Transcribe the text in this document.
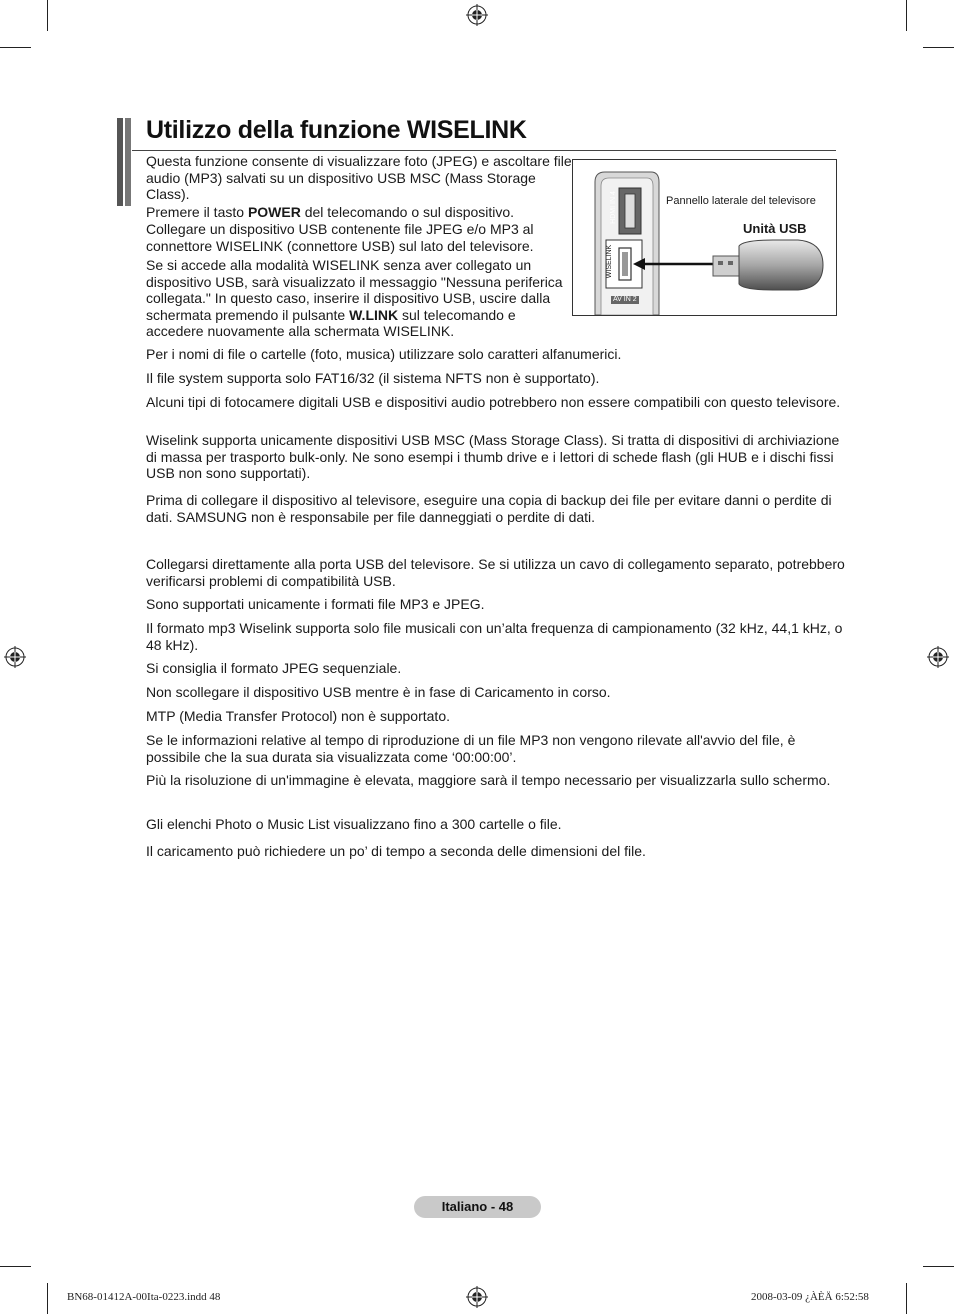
Utilizzo della funzione WISELINK

Questa funzione consente di visualizzare foto (JPEG) e ascoltare file audio (MP3) salvati su un dispositivo USB MSC (Mass Storage Class).

Premere il tasto POWER del telecomando o sul dispositivo.

Collegare un dispositivo USB contenente file JPEG e/o MP3 al connettore WISELINK (connettore USB) sul lato del televisore.

Se si accede alla modalità WISELINK senza aver collegato un dispositivo USB, sarà visualizzato il messaggio "Nessuna periferica collegata." In questo caso, inserire il dispositivo USB, uscire dalla schermata premendo il pulsante W.LINK sul telecomando e accedere nuovamente alla schermata WISELINK.

HDMI IN 4
WISELINK
AV IN 2
Pannello laterale del televisore
Unità USB

Per i nomi di file o cartelle (foto, musica) utilizzare solo caratteri alfanumerici.

Il file system supporta solo FAT16/32 (il sistema NFTS non è supportato).

Alcuni tipi di fotocamere digitali USB e dispositivi audio potrebbero non essere compatibili con questo televisore.

Wiselink supporta unicamente dispositivi USB MSC (Mass Storage Class). Si tratta di dispositivi di archiviazione di massa per trasporto bulk-only. Ne sono esempi i thumb drive e i lettori di schede flash (gli HUB e i dischi fissi USB non sono supportati).

Prima di collegare il dispositivo al televisore, eseguire una copia di backup dei file per evitare danni o perdite di dati. SAMSUNG non è responsabile per file danneggiati o perdite di dati.

Collegarsi direttamente alla porta USB del televisore. Se si utilizza un cavo di collegamento separato, potrebbero verificarsi problemi di compatibilità USB.

Sono supportati unicamente i formati file MP3 e JPEG.

Il formato mp3 Wiselink supporta solo file musicali con un’alta frequenza di campionamento (32 kHz, 44,1 kHz, o 48 kHz).

Si consiglia il formato JPEG sequenziale.

Non scollegare il dispositivo USB mentre è in fase di Caricamento in corso.

MTP (Media Transfer Protocol) non è supportato.

Se le informazioni relative al tempo di riproduzione di un file MP3 non vengono rilevate all'avvio del file, è possibile che la sua durata sia visualizzata come ‘00:00:00’.

Più la risoluzione di un'immagine è elevata, maggiore sarà il tempo necessario per visualizzarla sullo schermo.

Gli elenchi Photo o Music List visualizzano fino a 300 cartelle o file.

Il caricamento può richiedere un po’ di tempo a seconda delle dimensioni del file.

Italiano - 48
BN68-01412A-00Ita-0223.indd 48	2008-03-09 ¿ÀÈÄ 6:52:58
